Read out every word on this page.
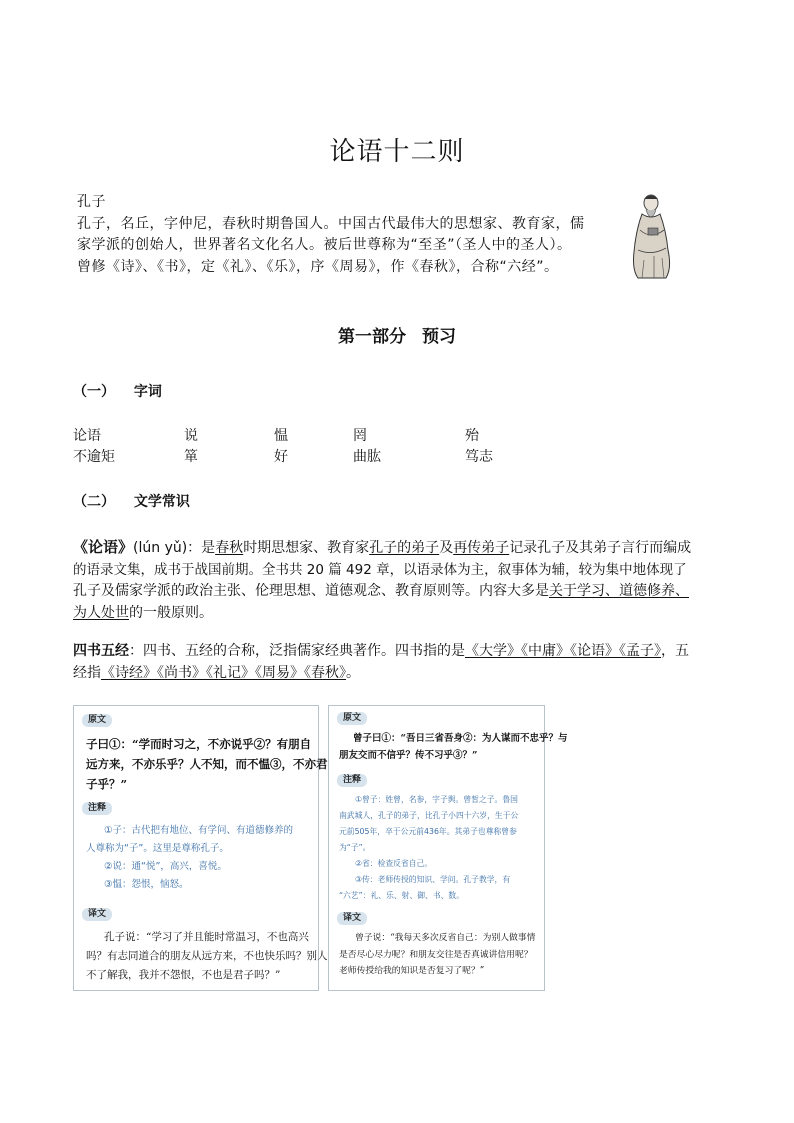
论语十二则

孔子

孔子，名丘，字仲尼，春秋时期鲁国人。中国古代最伟大的思想家、教育家，儒

家学派的创始人，世界著名文化名人。被后世尊称为“至圣”（圣人中的圣人）。

曾修《诗》、《书》，定《礼》、《乐》，序《周易》，作《春秋》，合称“六经”。

第一部分 预习
（一） 字词
论语	说	愠	罔	殆
不逾矩	箪	好	曲肱	笃志
（二） 文学常识
《论语》(lún yǔ)：是春秋时期思想家、教育家孔子的弟子及再传弟子记录孔子及其弟子言行而编成
的语录文集，成书于战国前期。全书共 20 篇 492 章，以语录体为主，叙事体为辅，较为集中地体现了
孔子及儒家学派的政治主张、伦理思想、道德观念、教育原则等。内容大多是关于学习、道德修养、
为人处世的一般原则。
四书五经：四书、五经的合称，泛指儒家经典著作。四书指的是《大学》《中庸》《论语》《孟子》，五
经指《诗经》《尚书》《礼记》《周易》《春秋》。
原文
子曰①：“学而时习之，不亦说乎②？有朋自
远方来，不亦乐乎？人不知，而不愠③，不亦君
子乎？”
注释
①子：古代把有地位、有学问、有道德修养的
人尊称为“子”。这里是尊称孔子。
②说：通“悦”，高兴，喜悦。
③愠：怨恨，恼怒。
译文
孔子说：“学习了并且能时常温习，不也高兴
吗？有志同道合的朋友从远方来，不也快乐吗？别人
不了解我，我并不怨恨，不也是君子吗？”
原文
曾子曰①：“吾日三省吾身②：为人谋而不忠乎？与
朋友交而不信乎？传不习乎③？”
注释
①曾子：姓曾，名参，字子舆。曾皙之子。鲁国
南武城人，孔子的弟子，比孔子小四十六岁，生于公
元前505年，卒于公元前436年。其弟子也尊称曾参
为“子”。
②省：检查反省自己。
③传：老师传授的知识、学问。孔子教学，有
“六艺”：礼、乐、射、御、书、数。
译文
曾子说：“我每天多次反省自己：为别人做事情
是否尽心尽力呢？和朋友交往是否真诚讲信用呢？
老师传授给我的知识是否复习了呢？”
